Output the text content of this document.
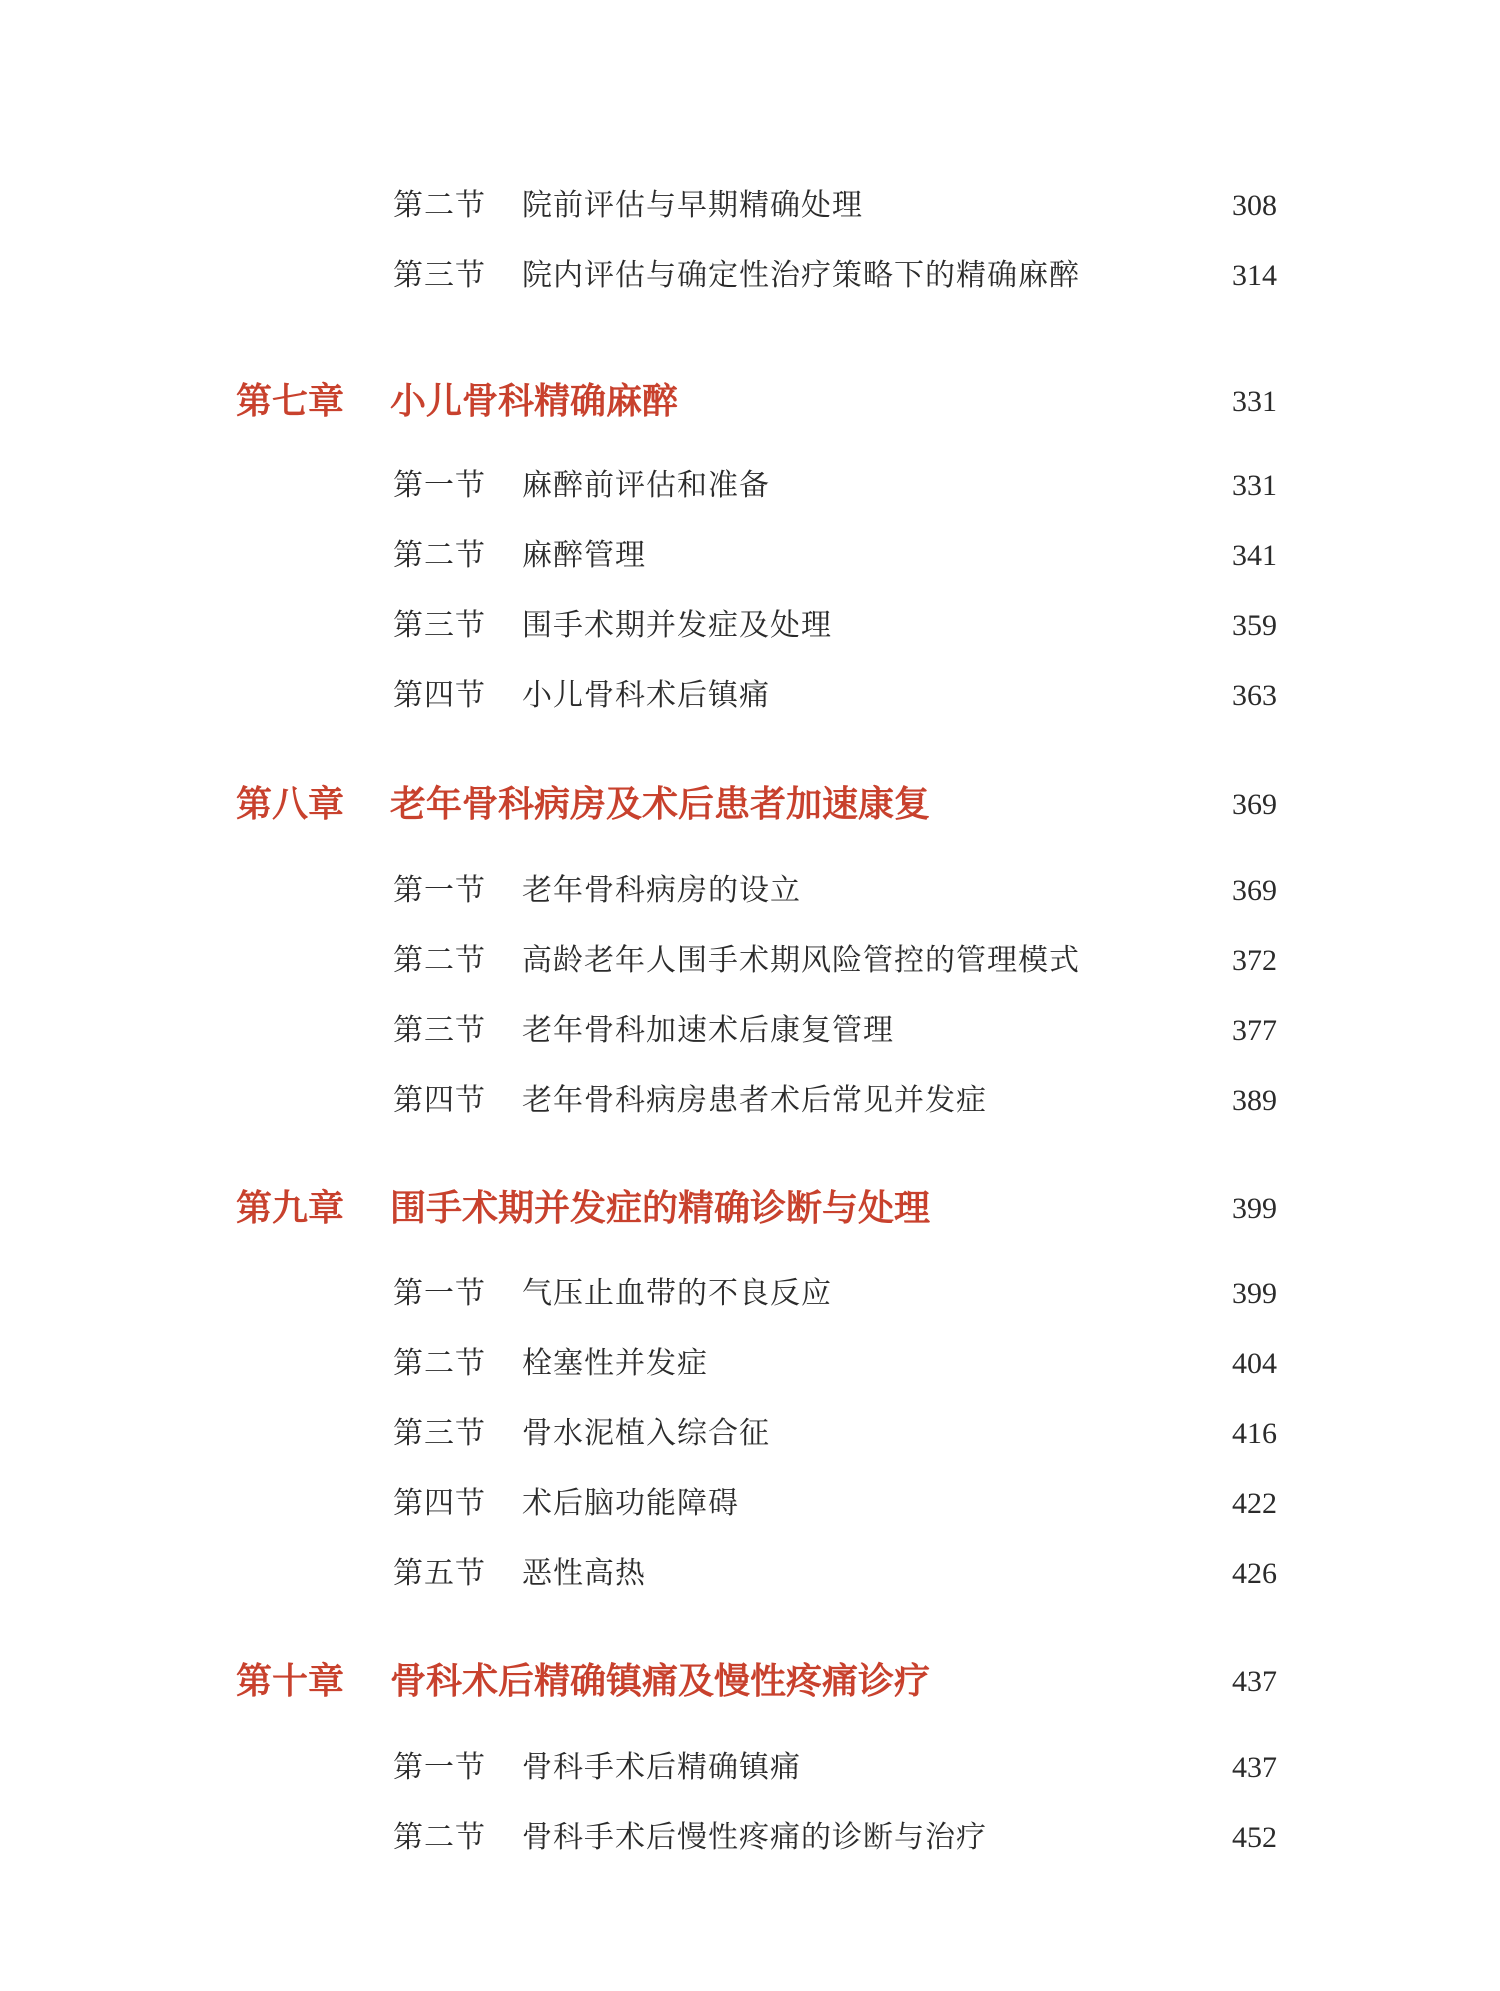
第二节 院前评估与早期精确处理	308
第三节 院内评估与确定性治疗策略下的精确麻醉	314
第七章 小儿骨科精确麻醉	331
第一节 麻醉前评估和准备	331
第二节 麻醉管理	341
第三节 围手术期并发症及处理	359
第四节 小儿骨科术后镇痛	363
第八章 老年骨科病房及术后患者加速康复	369
第一节 老年骨科病房的设立	369
第二节 高龄老年人围手术期风险管控的管理模式	372
第三节 老年骨科加速术后康复管理	377
第四节 老年骨科病房患者术后常见并发症	389
第九章 围手术期并发症的精确诊断与处理	399
第一节 气压止血带的不良反应	399
第二节 栓塞性并发症	404
第三节 骨水泥植入综合征	416
第四节 术后脑功能障碍	422
第五节 恶性高热	426
第十章 骨科术后精确镇痛及慢性疼痛诊疗	437
第一节 骨科手术后精确镇痛	437
第二节 骨科手术后慢性疼痛的诊断与治疗	452
